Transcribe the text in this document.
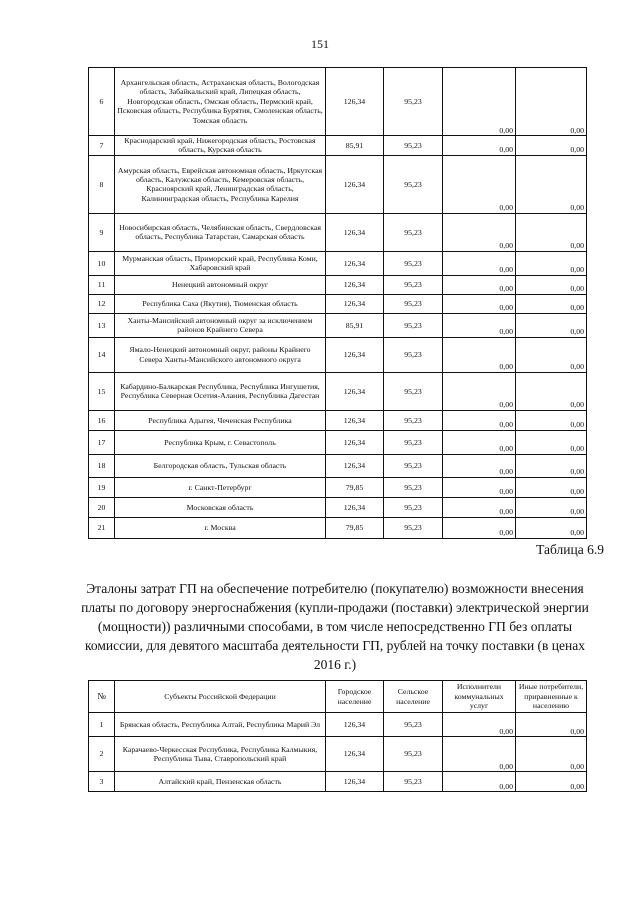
151
6	Архангельская область, Астраханская область, Вологодская область, Забайкальский край, Липецкая область, Новгородская область, Омская область, Пермский край, Псковская область, Республика Бурятия, Смоленская область, Томская область	126,34	95,23	0,00	0,00
7	Краснодарский край, Нижегородская область, Ростовская область, Курская область	85,91	95,23	0,00	0,00
8	Амурская область, Еврейская автономная область, Иркутская область, Калужская область, Кемеровская область, Красноярский край, Ленинградская область, Калининградская область, Республика Карелия	126,34	95,23	0,00	0,00
9	Новосибирская область, Челябинская область, Свердловская область, Республика Татарстан, Самарская область	126,34	95,23	0,00	0,00
10	Мурманская область, Приморский край, Республика Коми, Хабаровский край	126,34	95,23	0,00	0,00
11	Ненецкий автономный округ	126,34	95,23	0,00	0,00
12	Республика Саха (Якутия), Тюменская область	126,34	95,23	0,00	0,00
13	Ханты-Мансийский автономный округ за исключением районов Крайнего Севера	85,91	95,23	0,00	0,00
14	Ямало-Ненецкий автономный округ, районы Крайнего Севера Ханты-Мансийского автономного округа	126,34	95,23	0,00	0,00
15	Кабардино-Балкарская Республика, Республика Ингушетия, Республика Северная Осетия-Алания, Республика Дагестан	126,34	95,23	0,00	0,00
16	Республика Адыгея, Чеченская Республика	126,34	95,23	0,00	0,00
17	Республика Крым, г. Севастополь	126,34	95,23	0,00	0,00
18	Белгородская область, Тульская область	126,34	95,23	0,00	0,00
19	г. Санкт-Петербург	79,85	95,23	0,00	0,00
20	Московская область	126,34	95,23	0,00	0,00
21	г. Москва	79,85	95,23	0,00	0,00
Таблица 6.9
Эталоны затрат ГП на обеспечение потребителю (покупателю) возможности внесения платы по договору энергоснабжения (купли-продажи (поставки) электрической энергии (мощности)) различными способами, в том числе непосредственно ГП без оплаты комиссии, для девятого масштаба деятельности ГП, рублей на точку поставки (в ценах 2016 г.)
№	Субъекты Российской Федерации	Городское население	Сельское население	Исполнители коммунальных услуг	Иные потребители, приравненные к населению
1	Брянская область, Республика Алтай, Республика Марий Эл	126,34	95,23	0,00	0,00
2	Карачаево-Черкесская Республика, Республика Калмыкия, Республика Тыва, Ставропольский край	126,34	95,23	0,00	0,00
3	Алтайский край, Пензенская область	126,34	95,23	0,00	0,00
